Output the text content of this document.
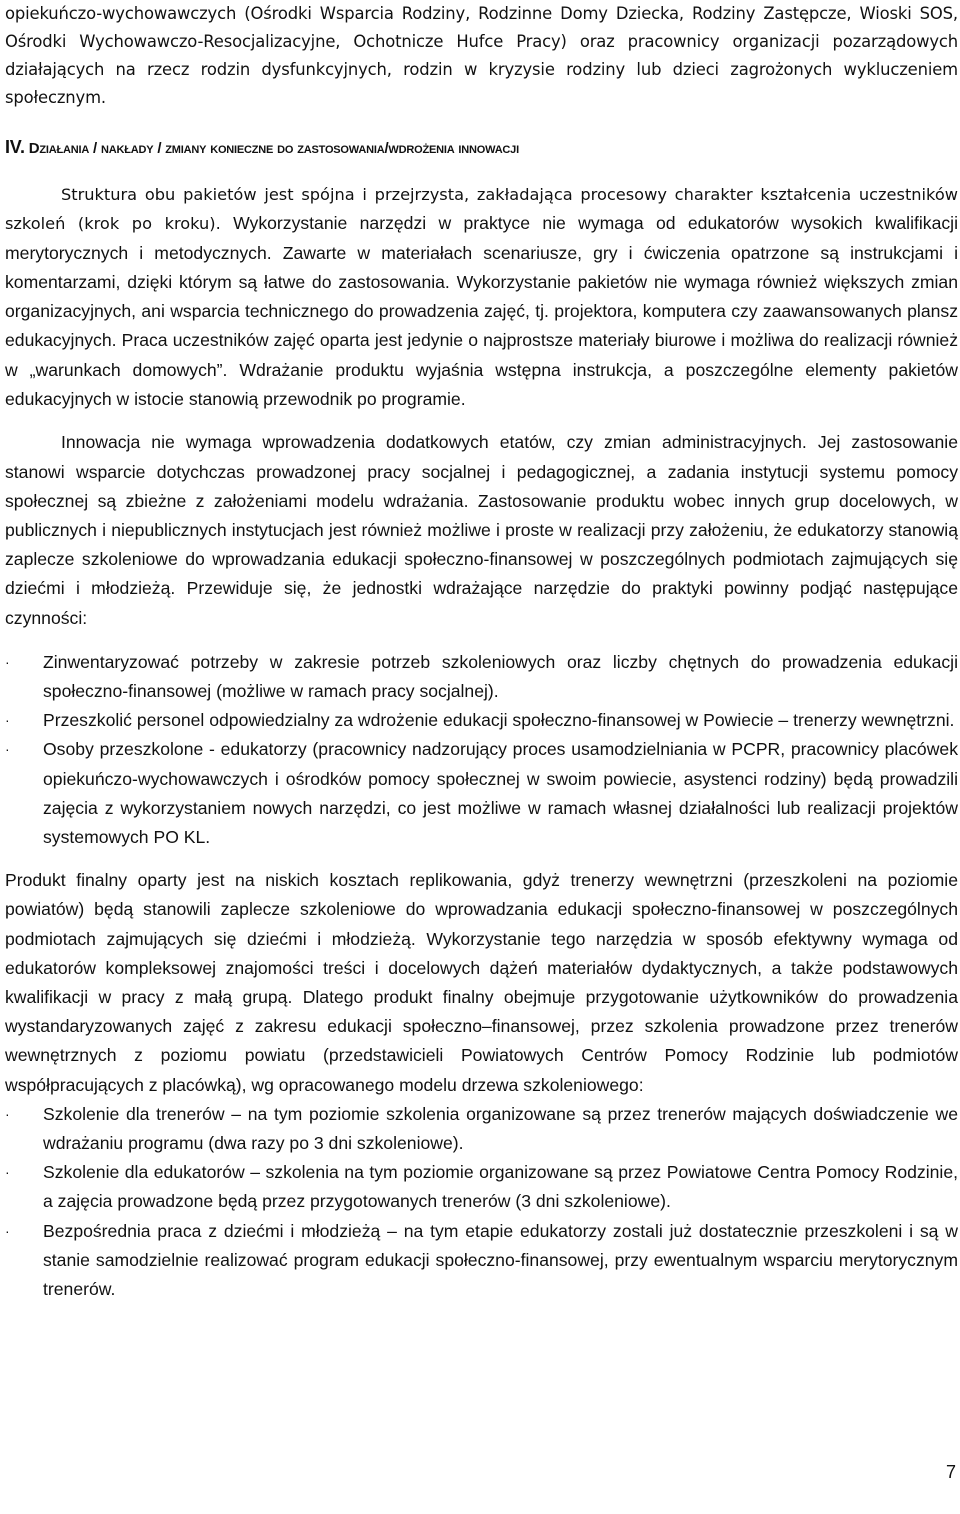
opiekuńczo-wychowawczych (Ośrodki Wsparcia Rodziny, Rodzinne Domy Dziecka, Rodziny Zastępcze, Wioski SOS, Ośrodki Wychowawczo-Resocjalizacyjne, Ochotnicze Hufce Pracy) oraz pracownicy organizacji pozarządowych działających na rzecz rodzin dysfunkcyjnych, rodzin w kryzysie rodziny lub dzieci zagrożonych wykluczeniem społecznym.

IV. Działania / nakłady / zmiany konieczne do zastosowania/wdrożenia innowacji

Struktura obu pakietów jest spójna i przejrzysta, zakładająca procesowy charakter kształcenia uczestników szkoleń (krok po kroku). Wykorzystanie narzędzi w praktyce nie wymaga od edukatorów wysokich kwalifikacji merytorycznych i metodycznych. Zawarte w materiałach scenariusze, gry i ćwiczenia opatrzone są instrukcjami i komentarzami, dzięki którym są łatwe do zastosowania. Wykorzystanie pakietów nie wymaga również większych zmian organizacyjnych, ani wsparcia technicznego do prowadzenia zajęć, tj. projektora, komputera czy zaawansowanych plansz edukacyjnych. Praca uczestników zajęć oparta jest jedynie o najprostsze materiały biurowe i możliwa do realizacji również w „warunkach domowych”. Wdrażanie produktu wyjaśnia wstępna instrukcja, a poszczególne elementy pakietów edukacyjnych w istocie stanowią przewodnik po programie.

Innowacja nie wymaga wprowadzenia dodatkowych etatów, czy zmian administracyjnych. Jej zastosowanie stanowi wsparcie dotychczas prowadzonej pracy socjalnej i pedagogicznej, a zadania instytucji systemu pomocy społecznej są zbieżne z założeniami modelu wdrażania. Zastosowanie produktu wobec innych grup docelowych, w publicznych i niepublicznych instytucjach jest również możliwe i proste w realizacji przy założeniu, że edukatorzy stanowią zaplecze szkoleniowe do wprowadzania edukacji społeczno-finansowej w poszczególnych podmiotach zajmujących się dziećmi i młodzieżą. Przewiduje się, że jednostki wdrażające narzędzie do praktyki powinny podjąć następujące czynności:

· Zinwentaryzować potrzeby w zakresie potrzeb szkoleniowych oraz liczby chętnych do prowadzenia edukacji społeczno-finansowej (możliwe w ramach pracy socjalnej).
· Przeszkolić personel odpowiedzialny za wdrożenie edukacji społeczno-finansowej w Powiecie – trenerzy wewnętrzni.
· Osoby przeszkolone - edukatorzy (pracownicy nadzorujący proces usamodzielniania w PCPR, pracownicy placówek opiekuńczo-wychowawczych i ośrodków pomocy społecznej w swoim powiecie, asystenci rodziny) będą prowadzili zajęcia z wykorzystaniem nowych narzędzi, co jest możliwe w ramach własnej działalności lub realizacji projektów systemowych PO KL.

Produkt finalny oparty jest na niskich kosztach replikowania, gdyż trenerzy wewnętrzni (przeszkoleni na poziomie powiatów) będą stanowili zaplecze szkoleniowe do wprowadzania edukacji społeczno-finansowej w poszczególnych podmiotach zajmujących się dziećmi i młodzieżą. Wykorzystanie tego narzędzia w sposób efektywny wymaga od edukatorów kompleksowej znajomości treści i docelowych dążeń materiałów dydaktycznych, a także podstawowych kwalifikacji w pracy z małą grupą. Dlatego produkt finalny obejmuje przygotowanie użytkowników do prowadzenia wystandaryzowanych zajęć z zakresu edukacji społeczno–finansowej, przez szkolenia prowadzone przez trenerów wewnętrznych z poziomu powiatu (przedstawicieli Powiatowych Centrów Pomocy Rodzinie lub podmiotów współpracujących z placówką), wg opracowanego modelu drzewa szkoleniowego:

· Szkolenie dla trenerów – na tym poziomie szkolenia organizowane są przez trenerów mających doświadczenie we wdrażaniu programu (dwa razy po 3 dni szkoleniowe).
· Szkolenie dla edukatorów – szkolenia na tym poziomie organizowane są przez Powiatowe Centra Pomocy Rodzinie, a zajęcia prowadzone będą przez przygotowanych trenerów (3 dni szkoleniowe).
· Bezpośrednia praca z dziećmi i młodzieżą – na tym etapie edukatorzy zostali już dostatecznie przeszkoleni i są w stanie samodzielnie realizować program edukacji społeczno-finansowej, przy ewentualnym wsparciu merytorycznym trenerów.
7
